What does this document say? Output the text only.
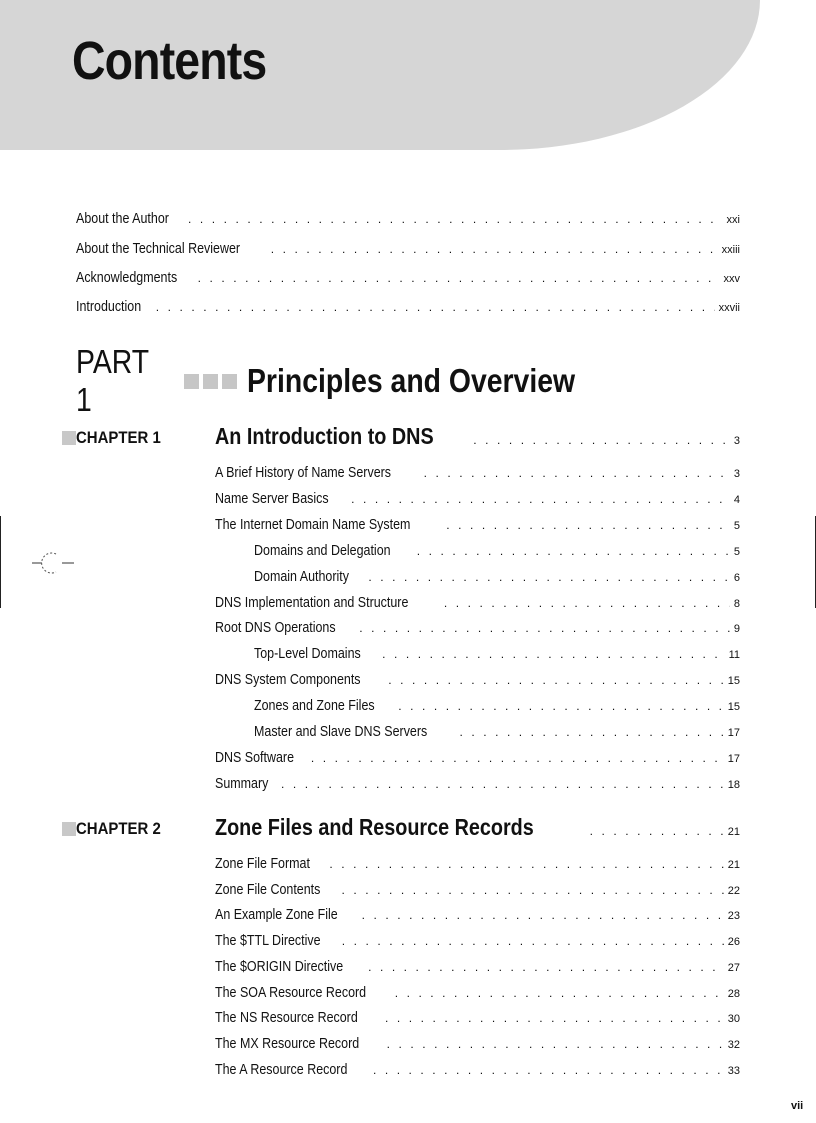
Contents
About the Author . . .	xxi
About the Technical Reviewer . . .	xxiii
Acknowledgments . . .	xxv
Introduction . . .	xxvii
PART 1
Principles and Overview
CHAPTER 1 An Introduction to DNS . . .	3
A Brief History of Name Servers . . .	3
Name Server Basics . . .	4
The Internet Domain Name System . . .	5
Domains and Delegation . . .	5
Domain Authority . . .	6
DNS Implementation and Structure . . .	8
Root DNS Operations . . .	9
Top-Level Domains . . .	11
DNS System Components . . .	15
Zones and Zone Files . . .	15
Master and Slave DNS Servers . . .	17
DNS Software . . .	17
Summary . . .	18
CHAPTER 2 Zone Files and Resource Records . . .	21
Zone File Format . . .	21
Zone File Contents . . .	22
An Example Zone File . . .	23
The $TTL Directive . . .	26
The $ORIGIN Directive . . .	27
The SOA Resource Record . . .	28
The NS Resource Record . . .	30
The MX Resource Record . . .	32
The A Resource Record . . .	33
vii
